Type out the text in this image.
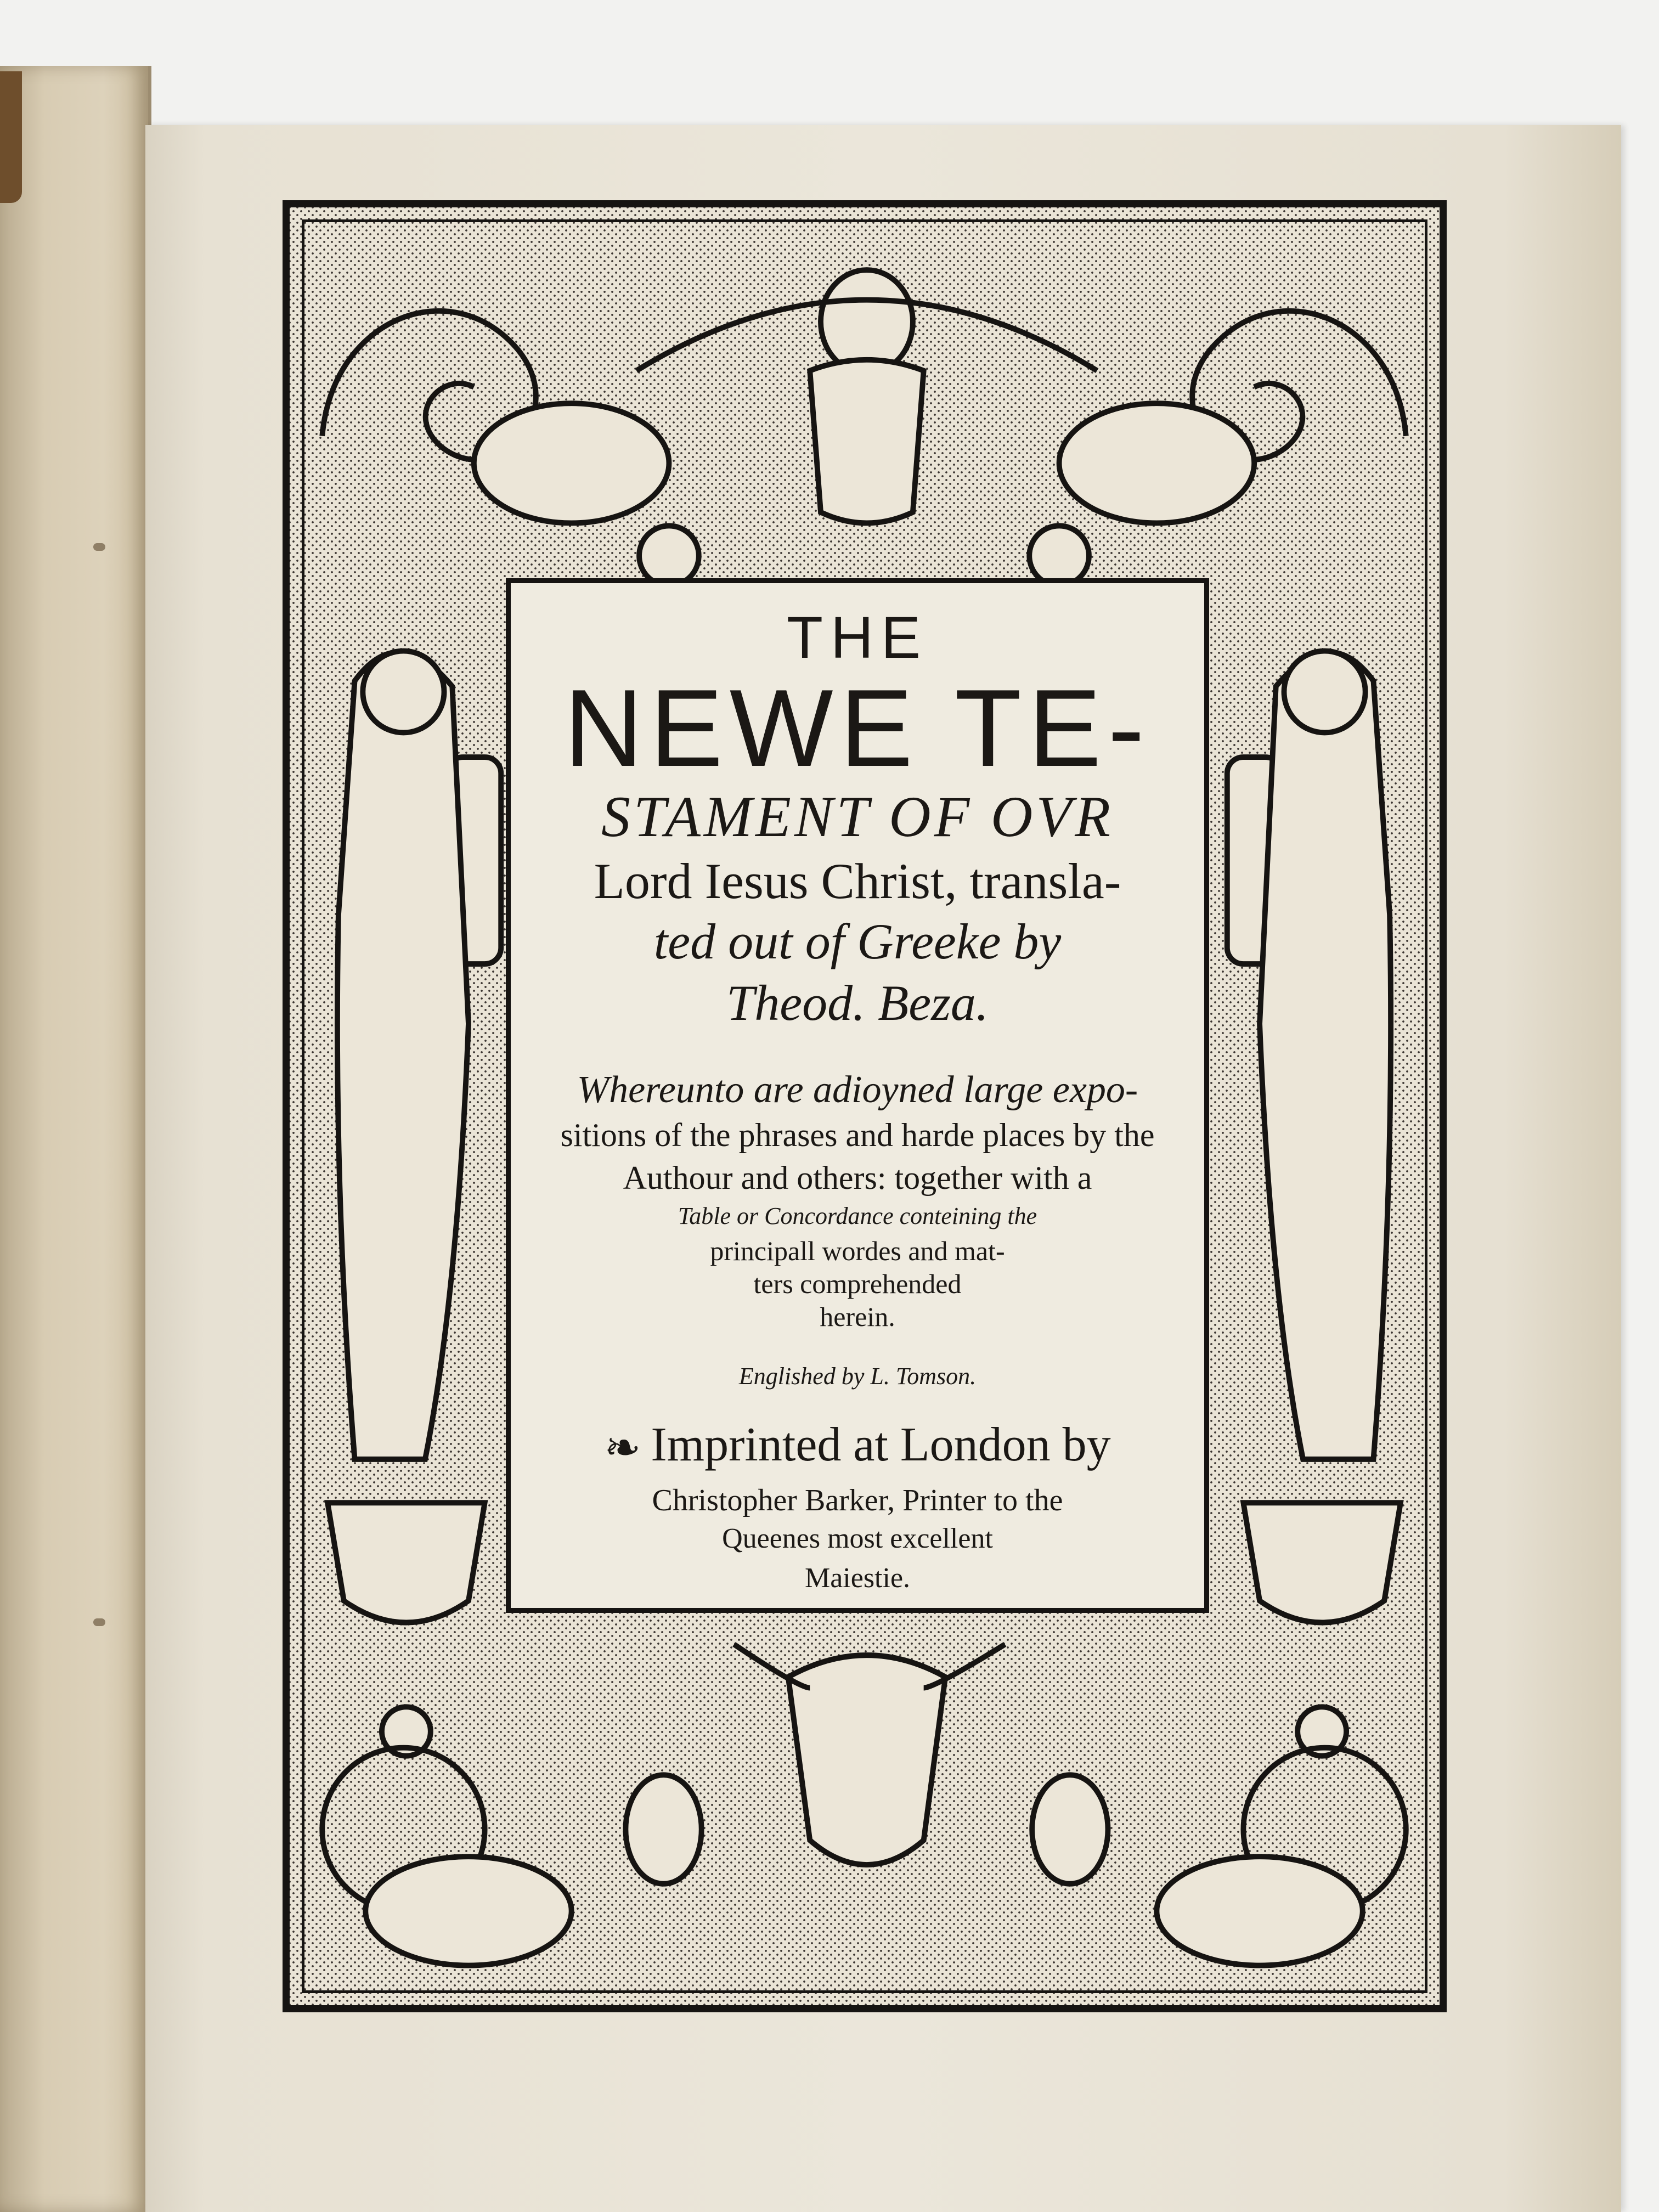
THE
NEWE TE-
STAMENT OF OVR
Lord Iesus Christ, transla-
ted out of Greeke by
Theod. Beza.
Whereunto are adioyned large expo-
sitions of the phrases and harde places by the
Authour and others: together with a
Table or Concordance conteining the
principall wordes and mat-
ters comprehended
herein.
Englished by L. Tomson.
❧ Imprinted at London by
Christopher Barker, Printer to the
Queenes most excellent
Maiestie.
